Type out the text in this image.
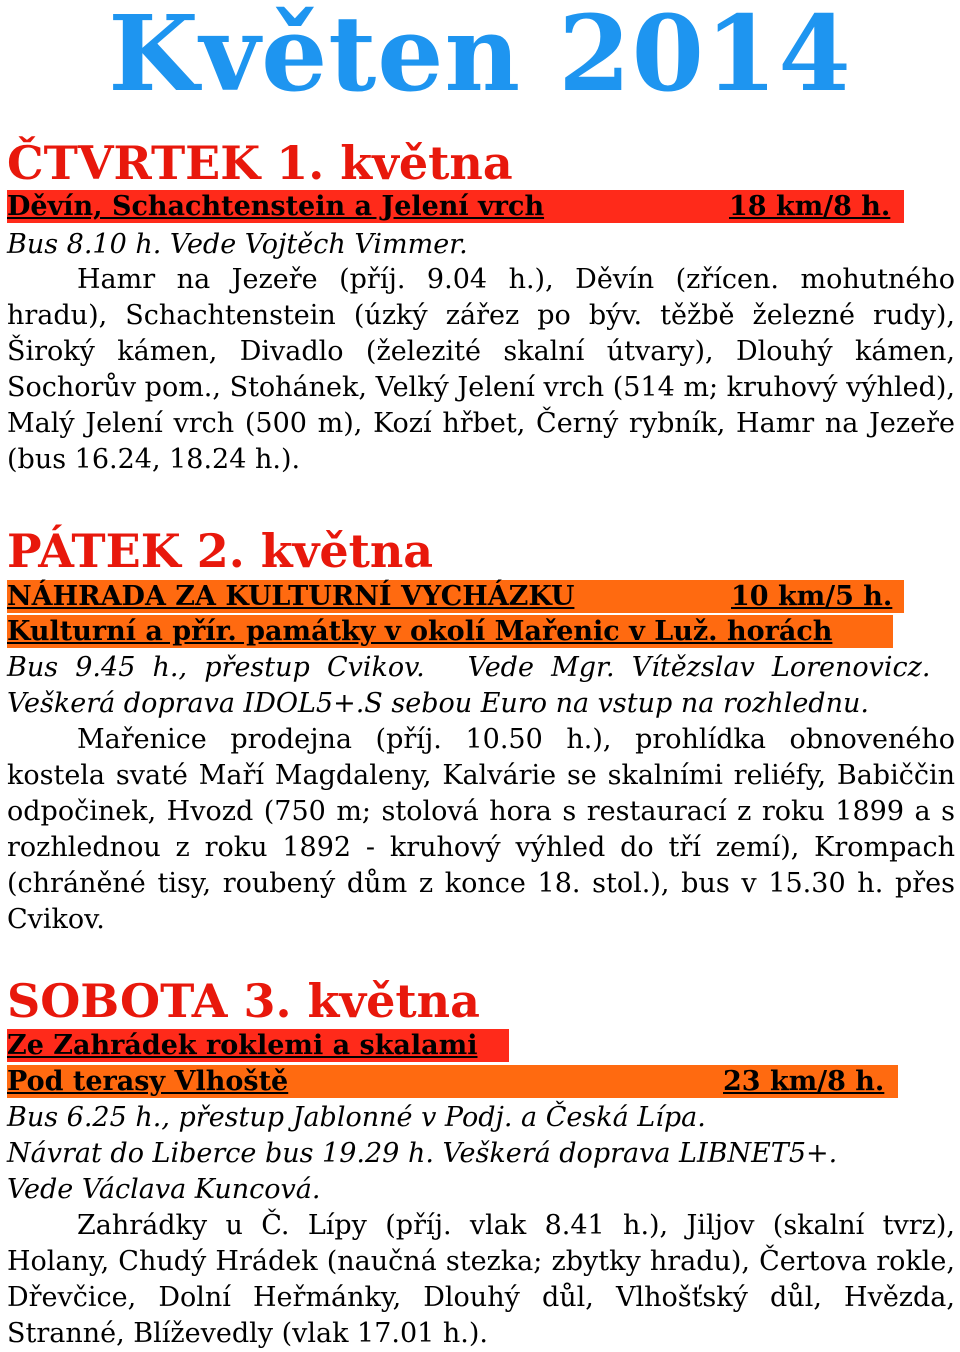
Květen 2014
ČTVRTEK 1. května
Děvín, Schachtenstein a Jelení vrch	18 km/8 h.
Bus 8.10 h. Vede Vojtěch Vimmer.
Hamr na Jezeře (příj. 9.04 h.), Děvín (zřícen. mohutného hradu), Schachtenstein (úzký zářez po býv. těžbě železné rudy), Široký kámen, Divadlo (železité skalní útvary), Dlouhý kámen, Sochorův pom., Stohánek, Velký Jelení vrch (514 m; kruhový výhled), Malý Jelení vrch (500 m), Kozí hřbet, Černý rybník, Hamr na Jezeře (bus 16.24, 18.24 h.).
PÁTEK 2. května
NÁHRADA ZA KULTURNÍ VYCHÁZKU	10 km/5 h.
Kulturní a přír. památky v okolí Mařenic v Luž. horách
Bus  9.45  h.,  přestup  Cvikov.     Vede  Mgr.  Vítězslav  Lorenovicz.
Veškerá doprava IDOL5+.S sebou Euro na vstup na rozhlednu.
Mařenice prodejna (příj. 10.50 h.), prohlídka obnoveného kostela svaté Maří Magdaleny, Kalvárie se skalními reliéfy, Babiččin odpočinek, Hvozd (750 m; stolová hora s restaurací z roku 1899 a s rozhlednou z roku 1892 - kruhový výhled do tří zemí), Krompach (chráněné tisy, roubený dům z konce 18. stol.), bus v 15.30 h. přes Cvikov.
SOBOTA 3. května
Ze Zahrádek roklemi a skalami
Pod terasy Vlhoště	23 km/8 h.
Bus 6.25 h., přestup Jablonné v Podj. a Česká Lípa.
Návrat do Liberce bus 19.29 h. Veškerá doprava LIBNET5+.
Vede Václava Kuncová.
Zahrádky u Č. Lípy (příj. vlak 8.41 h.), Jiljov (skalní tvrz), Holany, Chudý Hrádek (naučná stezka; zbytky hradu), Čertova rokle, Dřevčice, Dolní Heřmánky, Dlouhý důl, Vlhošťský důl, Hvězda, Stranné, Blíževedly (vlak 17.01 h.).
